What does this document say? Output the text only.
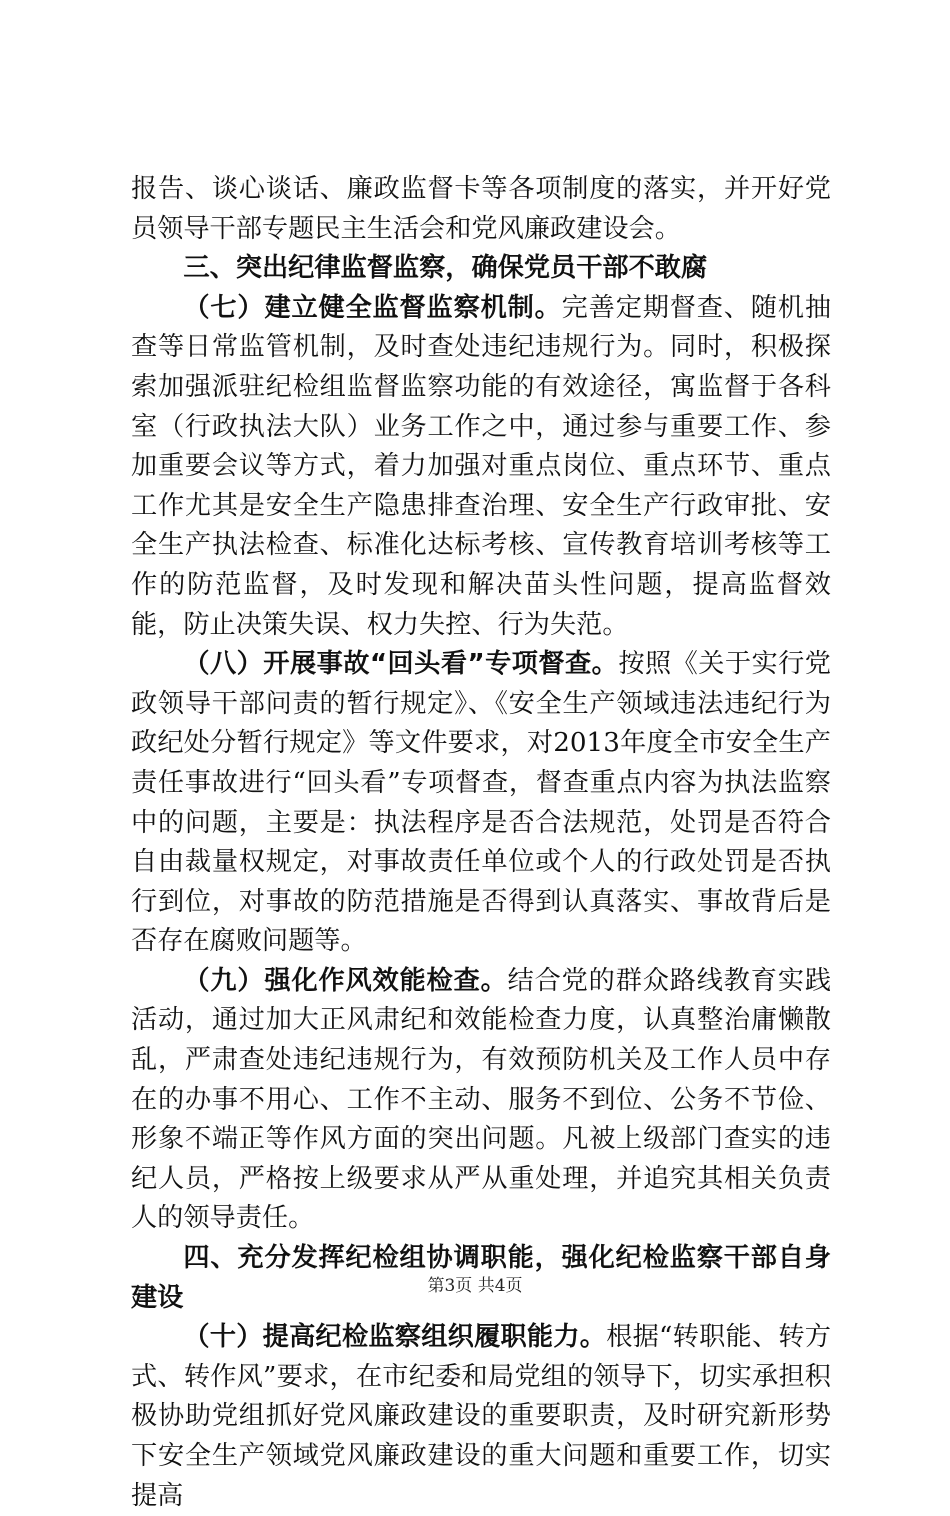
报告、谈心谈话、廉政监督卡等各项制度的落实，并开好党员领导干部专题民主生活会和党风廉政建设会。

三、突出纪律监督监察，确保党员干部不敢腐

（七）建立健全监督监察机制。完善定期督查、随机抽查等日常监管机制，及时查处违纪违规行为。同时，积极探索加强派驻纪检组监督监察功能的有效途径，寓监督于各科室（行政执法大队）业务工作之中，通过参与重要工作、参加重要会议等方式，着力加强对重点岗位、重点环节、重点工作尤其是安全生产隐患排查治理、安全生产行政审批、安全生产执法检查、标准化达标考核、宣传教育培训考核等工作的防范监督，及时发现和解决苗头性问题，提高监督效能，防止决策失误、权力失控、行为失范。

（八）开展事故“回头看”专项督查。按照《关于实行党政领导干部问责的暂行规定》、《安全生产领域违法违纪行为政纪处分暂行规定》等文件要求，对2013年度全市安全生产责任事故进行“回头看”专项督查，督查重点内容为执法监察中的问题，主要是：执法程序是否合法规范，处罚是否符合自由裁量权规定，对事故责任单位或个人的行政处罚是否执行到位，对事故的防范措施是否得到认真落实、事故背后是否存在腐败问题等。

（九）强化作风效能检查。结合党的群众路线教育实践活动，通过加大正风肃纪和效能检查力度，认真整治庸懒散乱，严肃查处违纪违规行为，有效预防机关及工作人员中存在的办事不用心、工作不主动、服务不到位、公务不节俭、形象不端正等作风方面的突出问题。凡被上级部门查实的违纪人员，严格按上级要求从严从重处理，并追究其相关负责人的领导责任。

四、充分发挥纪检组协调职能，强化纪检监察干部自身建设

（十）提高纪检监察组织履职能力。根据“转职能、转方式、转作风”要求，在市纪委和局党组的领导下，切实承担积极协助党组抓好党风廉政建设的重要职责，及时研究新形势下安全生产领域党风廉政建设的重大问题和重要工作，切实提高

第3页 共4页
